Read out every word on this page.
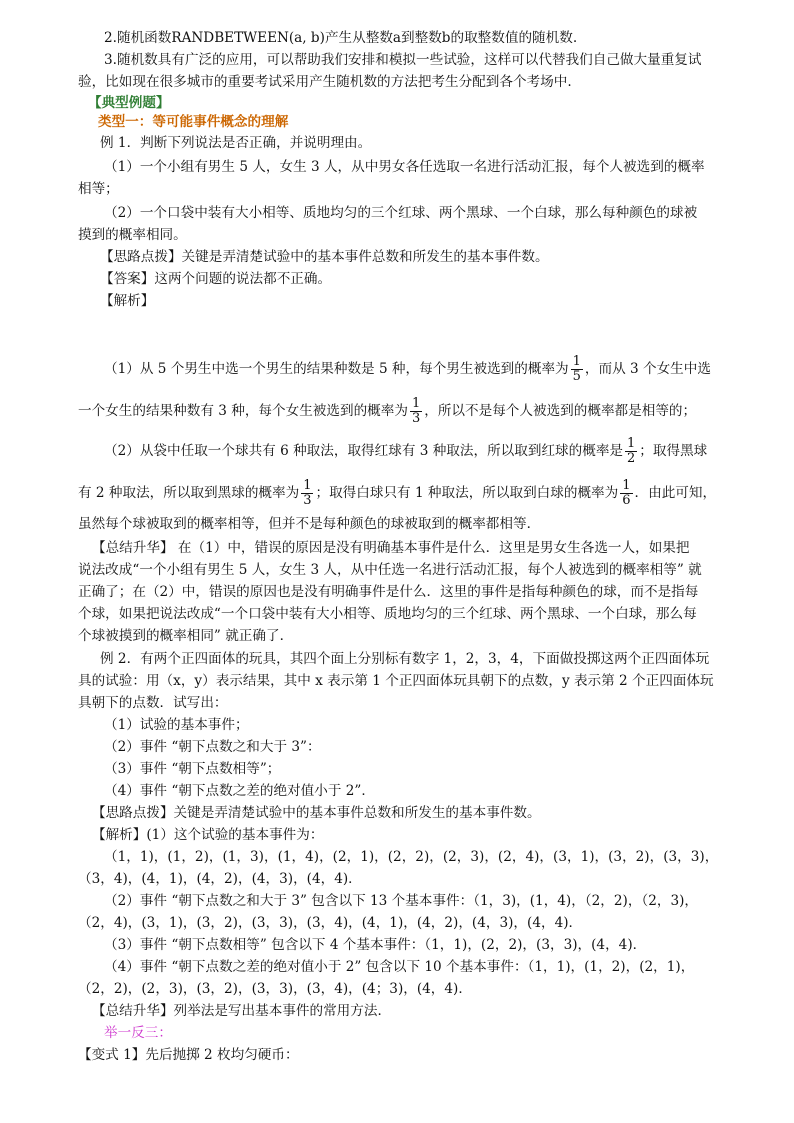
2.随机函数RANDBETWEEN(a, b)产生从整数a到整数b的取整数值的随机数.
3.随机数具有广泛的应用，可以帮助我们安排和模拟一些试验，这样可以代替我们自己做大量重复试
验，比如现在很多城市的重要考试采用产生随机数的方法把考生分配到各个考场中.
【典型例题】
类型一：等可能事件概念的理解
例 1．判断下列说法是否正确，并说明理由。
（1）一个小组有男生 5 人，女生 3 人，从中男女各任选取一名进行活动汇报，每个人被选到的概率
相等；
（2）一个口袋中装有大小相等、质地均匀的三个红球、两个黑球、一个白球，那么每种颜色的球被
摸到的概率相同。
【思路点拨】关键是弄清楚试验中的基本事件总数和所发生的基本事件数。
【答案】这两个问题的说法都不正确。
【解析】
（1）从 5 个男生中选一个男生的结果种数是 5 种，每个男生被选到的概率为 $\frac{1}{5}$ ，而从 3 个女生中选
一个女生的结果种数有 3 种，每个女生被选到的概率为 $\frac{1}{3}$ ，所以不是每个人被选到的概率都是相等的；
（2）从袋中任取一个球共有 6 种取法，取得红球有 3 种取法，所以取到红球的概率是 $\frac{1}{2}$ ；取得黑球
有 2 种取法，所以取到黑球的概率为 $\frac{1}{3}$ ；取得白球只有 1 种取法，所以取到白球的概率为 $\frac{1}{6}$ ．由此可知，
虽然每个球被取到的概率相等，但并不是每种颜色的球被取到的概率都相等．
【总结升华】 在（1）中，错误的原因是没有明确基本事件是什么．这里是男女生各选一人，如果把
说法改成“一个小组有男生 5 人，女生 3 人，从中任选一名进行活动汇报，每个人被选到的概率相等” 就
正确了；在（2）中，错误的原因也是没有明确事件是什么．这里的事件是指每种颜色的球，而不是指每
个球，如果把说法改成“一个口袋中装有大小相等、质地均匀的三个红球、两个黑球、一个白球，那么每
个球被摸到的概率相同” 就正确了．
例 2．有两个正四面体的玩具，其四个面上分别标有数字 1，2，3，4，下面做投掷这两个正四面体玩
具的试验：用（x，y）表示结果，其中 x 表示第 1 个正四面体玩具朝下的点数，y 表示第 2 个正四面体玩
具朝下的点数．试写出：
（1）试验的基本事件；
（2）事件 “朝下点数之和大于 3”：
（3）事件 “朝下点数相等”；
（4）事件 “朝下点数之差的绝对值小于 2”．
【思路点拨】关键是弄清楚试验中的基本事件总数和所发生的基本事件数。
【解析】(1）这个试验的基本事件为：
（1，1)，(1，2)，(1，3)，(1，4)，(2，1)，(2，2)，(2，3)，(2，4)，(3，1)，(3，2)，(3，3)，
（3，4)，(4，1)，(4，2)，(4，3)，(4，4)．
（2）事件 “朝下点数之和大于 3” 包含以下 13 个基本事件：（1，3)，(1，4)，（2，2)，（2，3)，
（2，4)，(3，1)，(3，2)，(3，3)，(3，4)，(4，1)，(4，2)，(4，3)，(4，4)．
（3）事件 “朝下点数相等” 包含以下 4 个基本事件：（1，1)，(2，2)，(3，3)，(4，4)．
（4）事件 “朝下点数之差的绝对值小于 2” 包含以下 10 个基本事件：（1，1)，(1，2)，(2，1)，
（2，2)，(2，3)，(3，2)，(3，3)，(3，4)，(4；3)，(4，4)．
【总结升华】列举法是写出基本事件的常用方法．
举一反三：
【变式 1】先后抛掷 2 枚均匀硬币：
